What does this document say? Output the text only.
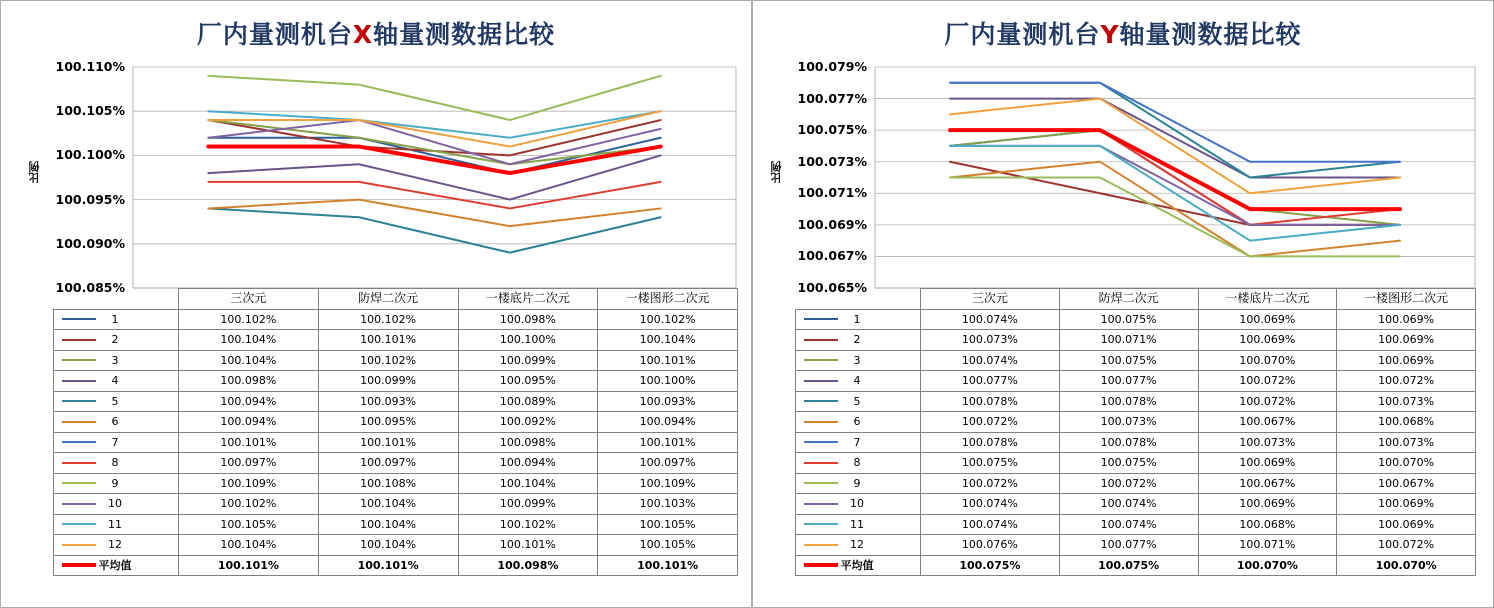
厂内量测机台X轴量测数据比较
比例
100.110%
100.105%
100.100%
100.095%
100.090%
100.085%
	三次元	防焊二次元	一楼底片二次元	一楼图形二次元

1	100.102%	100.102%	100.098%	100.102%

2	100.104%	100.101%	100.100%	100.104%

3	100.104%	100.102%	100.099%	100.101%

4	100.098%	100.099%	100.095%	100.100%

5	100.094%	100.093%	100.089%	100.093%

6	100.094%	100.095%	100.092%	100.094%

7	100.101%	100.101%	100.098%	100.101%

8	100.097%	100.097%	100.094%	100.097%

9	100.109%	100.108%	100.104%	100.109%

10	100.102%	100.104%	100.099%	100.103%

11	100.105%	100.104%	100.102%	100.105%

12	100.104%	100.104%	100.101%	100.105%

平均值	100.101%	100.101%	100.098%	100.101%
厂内量测机台Y轴量测数据比较
比例
100.079%
100.077%
100.075%
100.073%
100.071%
100.069%
100.067%
100.065%
	三次元	防焊二次元	一楼底片二次元	一楼图形二次元

1	100.074%	100.075%	100.069%	100.069%

2	100.073%	100.071%	100.069%	100.069%

3	100.074%	100.075%	100.070%	100.069%

4	100.077%	100.077%	100.072%	100.072%

5	100.078%	100.078%	100.072%	100.073%

6	100.072%	100.073%	100.067%	100.068%

7	100.078%	100.078%	100.073%	100.073%

8	100.075%	100.075%	100.069%	100.070%

9	100.072%	100.072%	100.067%	100.067%

10	100.074%	100.074%	100.069%	100.069%

11	100.074%	100.074%	100.068%	100.069%

12	100.076%	100.077%	100.071%	100.072%

平均值	100.075%	100.075%	100.070%	100.070%
